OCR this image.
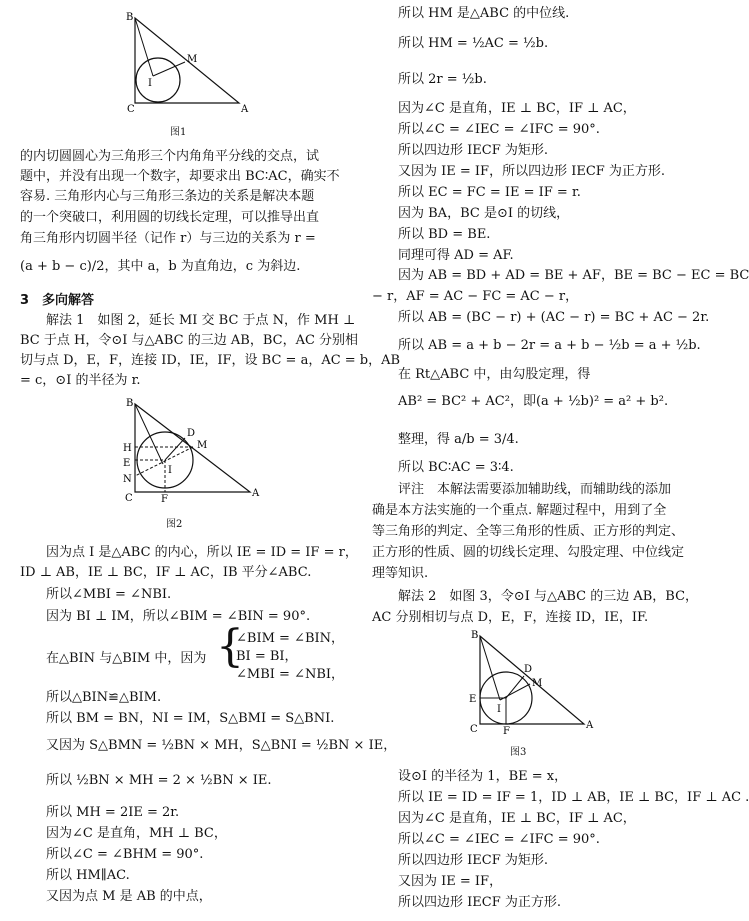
B
C	A
M
I
图1
的内切圆圆心为三角形三个内角角平分线的交点，试
题中，并没有出现一个数字，却要求出 BC∶AC，确实不
容易. 三角形内心与三角形三条边的关系是解决本题
的一个突破口，利用圆的切线长定理，可以推导出直
角三角形内切圆半径（记作 r）与三边的关系为 r =
(a + b − c)/2，其中 a，b 为直角边，c 为斜边.
3　多向解答
解法 1　如图 2，延长 MI 交 BC 于点 N，作 MH ⊥
BC 于点 H，令⊙I 与△ABC 的三边 AB，BC，AC 分别相
切与点 D，E，F，连接 ID，IE，IF，设 BC = a，AC = b，AB
= c，⊙I 的半径为 r.
B
H
E
N
C	F
A
D
M
I
图2
因为点 I 是△ABC 的内心，所以 IE = ID = IF = r，
ID ⊥ AB，IE ⊥ BC，IF ⊥ AC，IB 平分∠ABC.
所以∠MBI = ∠NBI.
因为 BI ⊥ IM，所以∠BIM = ∠BIN = 90°.
在△BIN 与△BIM 中，因为 {
∠BIM = ∠BIN，
BI = BI，
∠MBI = ∠NBI，
所以△BIN≌△BIM.
所以 BM = BN，NI = IM，S△BMI = S△BNI.
又因为 S△BMN = ½BN × MH，S△BNI = ½BN × IE，
所以 ½BN × MH = 2 × ½BN × IE.
所以 MH = 2IE = 2r.
因为∠C 是直角，MH ⊥ BC，
所以∠C = ∠BHM = 90°.
所以 HM∥AC.
又因为点 M 是 AB 的中点，
所以 HM 是△ABC 的中位线.
所以 HM = ½AC = ½b.
所以 2r = ½b.
因为∠C 是直角，IE ⊥ BC，IF ⊥ AC，
所以∠C = ∠IEC = ∠IFC = 90°.
所以四边形 IECF 为矩形.
又因为 IE = IF，所以四边形 IECF 为正方形.
所以 EC = FC = IE = IF = r.
因为 BA，BC 是⊙I 的切线，
所以 BD = BE.
同理可得 AD = AF.
因为 AB = BD + AD = BE + AF，BE = BC − EC = BC
− r，AF = AC − FC = AC − r，
所以 AB = (BC − r) + (AC − r) = BC + AC − 2r.
所以 AB = a + b − 2r = a + b − ½b = a + ½b.
在 Rt△ABC 中，由勾股定理，得
AB² = BC² + AC²，即(a + ½b)² = a² + b².
整理，得 a/b = 3/4.
所以 BC∶AC = 3∶4.
评注　本解法需要添加辅助线，而辅助线的添加
确是本方法实施的一个重点. 解题过程中，用到了全
等三角形的判定、全等三角形的性质、正方形的判定、
正方形的性质、圆的切线长定理、勾股定理、中位线定
理等知识.
解法 2　如图 3，令⊙I 与△ABC 的三边 AB，BC，
AC 分别相切与点 D，E，F，连接 ID，IE，IF.
B
E
C	F
A
D
M
I
图3
设⊙I 的半径为 1，BE = x，
所以 IE = ID = IF = 1，ID ⊥ AB，IE ⊥ BC，IF ⊥ AC .
因为∠C 是直角，IE ⊥ BC，IF ⊥ AC，
所以∠C = ∠IEC = ∠IFC = 90°.
所以四边形 IECF 为矩形.
又因为 IE = IF，
所以四边形 IECF 为正方形.
